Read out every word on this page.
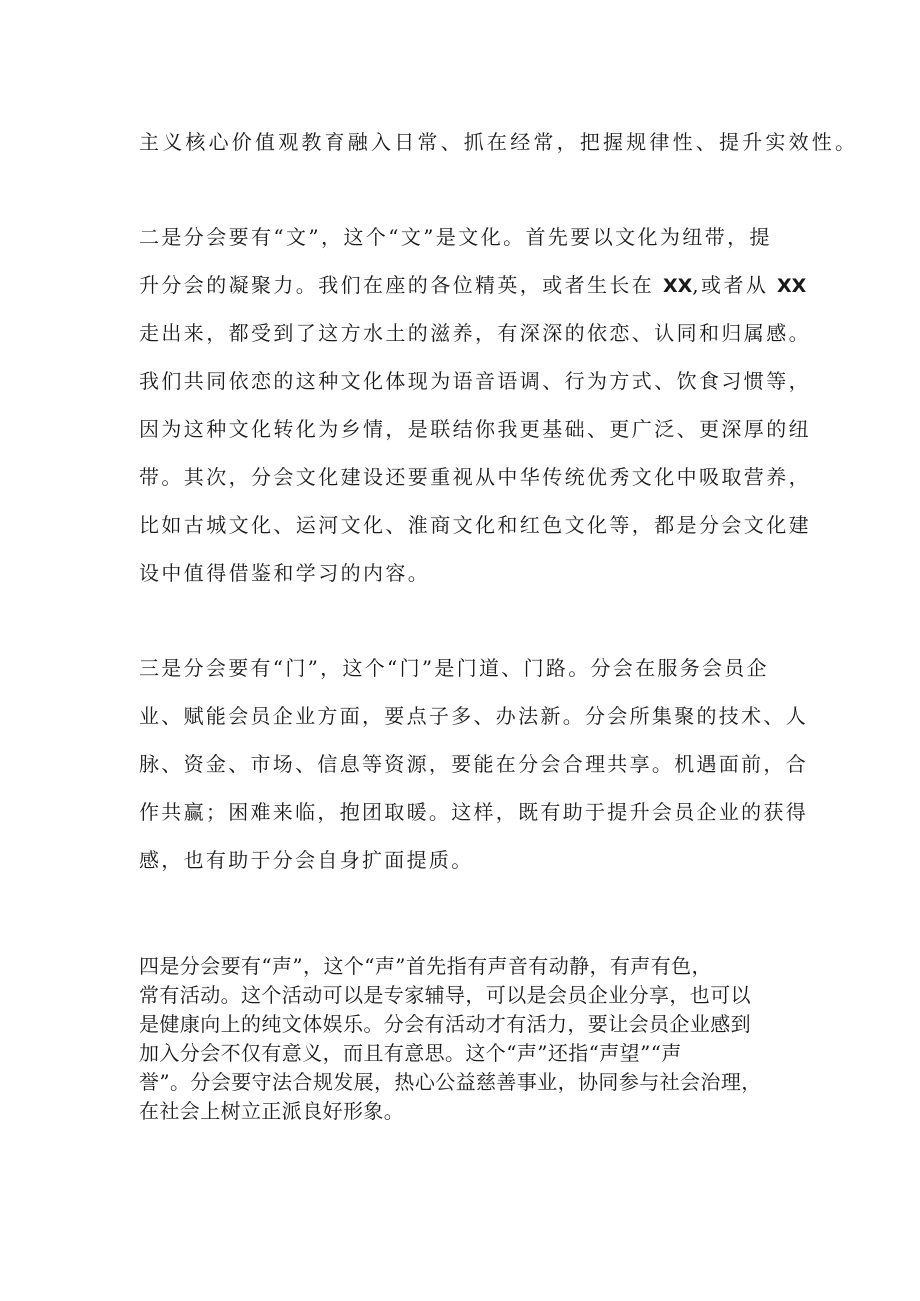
主义核心价值观教育融入日常、抓在经常，把握规律性、提升实效性。
二是分会要有“文”，这个“文”是文化。首先要以文化为纽带，提
升分会的凝聚力。我们在座的各位精英，或者生长在 XX,或者从 XX
走出来，都受到了这方水土的滋养，有深深的依恋、认同和归属感。
我们共同依恋的这种文化体现为语音语调、行为方式、饮食习惯等，
因为这种文化转化为乡情，是联结你我更基础、更广泛、更深厚的纽
带。其次，分会文化建设还要重视从中华传统优秀文化中吸取营养，
比如古城文化、运河文化、淮商文化和红色文化等，都是分会文化建
设中值得借鉴和学习的内容。
三是分会要有“门”，这个“门”是门道、门路。分会在服务会员企
业、赋能会员企业方面，要点子多、办法新。分会所集聚的技术、人
脉、资金、市场、信息等资源，要能在分会合理共享。机遇面前，合
作共赢；困难来临，抱团取暖。这样，既有助于提升会员企业的获得
感，也有助于分会自身扩面提质。
四是分会要有“声”，这个“声”首先指有声音有动静，有声有色，
常有活动。这个活动可以是专家辅导，可以是会员企业分享，也可以
是健康向上的纯文体娱乐。分会有活动才有活力，要让会员企业感到
加入分会不仅有意义，而且有意思。这个“声”还指“声望”“声
誉”。分会要守法合规发展，热心公益慈善事业，协同参与社会治理，
在社会上树立正派良好形象。
